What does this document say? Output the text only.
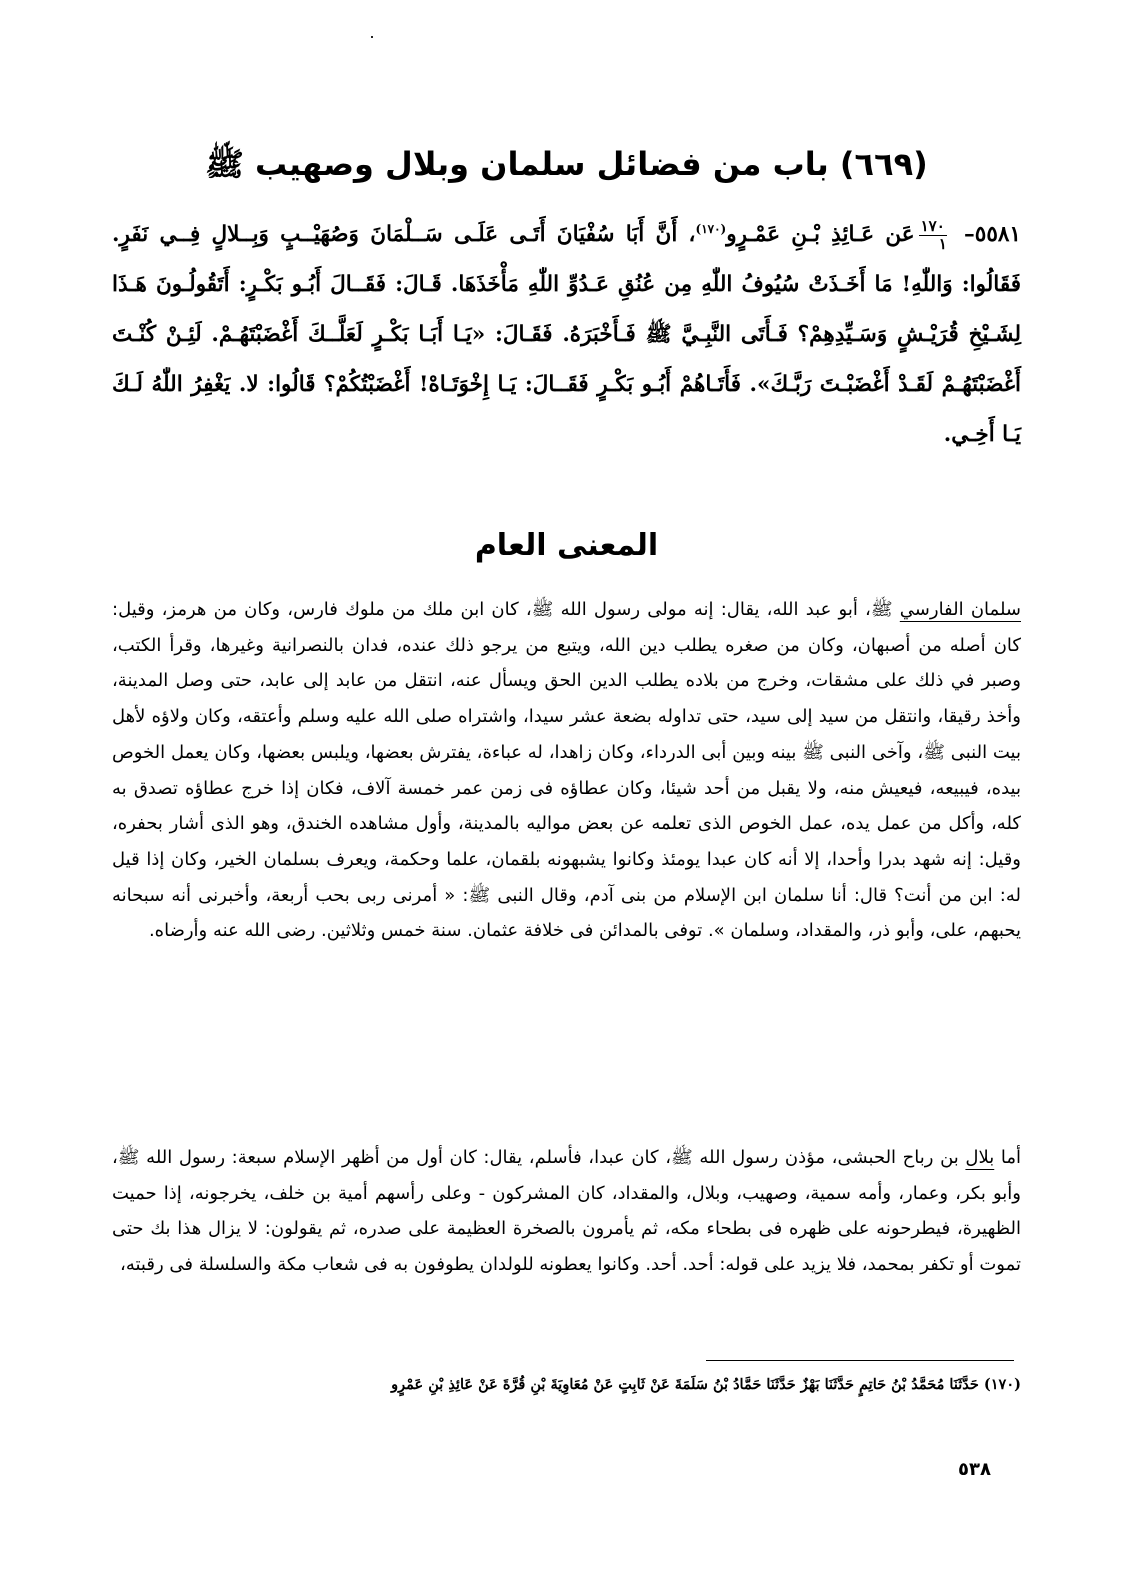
(٦٦٩) باب من فضائل سلمان وبلال وصهيب ﷺ
٥٥٨١–
١٧٠
١
عَن عَـائِذِ بْـنِ عَمْـرٍو$^{(١٧٠)}$، أَنَّ أَبَا سُفْيَانَ أَتَـى عَلَـى سَــلْمَانَ وَصُهَيْــبٍ وَبِــلالٍ فِــي نَفَرٍ. فَقَالُوا: وَاللّٰهِ! مَا أَخَـذَتْ سُيُوفُ اللّٰهِ مِن عُنُقِ عَـدُوِّ اللّٰهِ مَأْخَذَهَا. قَـالَ: فَقَــالَ أَبُـو بَكْـرٍ: أَتَقُولُـونَ هَـذَا لِشَـيْخِ قُرَيْـشٍ وَسَـيِّدِهِمْ؟ فَـأَتَى النَّبِـيَّ ﷺ فَـأَخْبَرَهُ. فَقَـالَ: «يَـا أَبَـا بَكْـرٍ لَعَلَّــكَ أَغْضَبْتَهُـمْ. لَئِـنْ كُنْـتَ أَغْضَبْتَهُـمْ لَقَـدْ أَغْضَبْـتَ رَبَّـكَ». فَأَتَـاهُمْ أَبُـو بَكْـرٍ فَقَــالَ: يَـا إِخْوَتَـاهْ! أَغْضَبْتُكُمْ؟ قَالُوا: لا. يَغْفِرُ اللّٰهُ لَـكَ يَـا أَخِـي.
المعنى العام

سلمان الفارسي ﷺ، أبو عبد الله، يقال: إنه مولى رسول الله ﷺ، كان ابن ملك من ملوك فارس، وكان من هرمز، وقيل: كان أصله من أصبهان، وكان من صغره يطلب دين الله، ويتبع من يرجو ذلك عنده، فدان بالنصرانية وغيرها، وقرأ الكتب، وصبر في ذلك على مشقات، وخرج من بلاده يطلب الدين الحق ويسأل عنه، انتقل من عابد إلى عابد، حتى وصل المدينة، وأخذ رقيقا، وانتقل من سيد إلى سيد، حتى تداوله بضعة عشر سيدا، واشتراه صلى الله عليه وسلم وأعتقه، وكان ولاؤه لأهل بيت النبى ﷺ، وآخى النبى ﷺ بينه وبين أبى الدرداء، وكان زاهدا، له عباءة، يفترش بعضها، ويلبس بعضها، وكان يعمل الخوص بيده، فيبيعه، فيعيش منه، ولا يقبل من أحد شيئا، وكان عطاؤه فى زمن عمر خمسة آلاف، فكان إذا خرج عطاؤه تصدق به كله، وأكل من عمل يده، عمل الخوص الذى تعلمه عن بعض مواليه بالمدينة، وأول مشاهده الخندق، وهو الذى أشار بحفره، وقيل: إنه شهد بدرا وأحدا، إلا أنه كان عبدا يومئذ وكانوا يشبهونه بلقمان، علما وحكمة، ويعرف بسلمان الخير، وكان إذا قيل له: ابن من أنت؟ قال: أنا سلمان ابن الإسلام من بنى آدم، وقال النبى ﷺ: « أمرنى ربى بحب أربعة، وأخبرنى أنه سبحانه يحبهم، على، وأبو ذر، والمقداد، وسلمان ». توفى بالمدائن فى خلافة عثمان. سنة خمس وثلاثين. رضى الله عنه وأرضاه.

أما بلال بن رباح الحبشى، مؤذن رسول الله ﷺ، كان عبدا، فأسلم، يقال: كان أول من أظهر الإسلام سبعة: رسول الله ﷺ، وأبو بكر، وعمار، وأمه سمية، وصهيب، وبلال، والمقداد، كان المشركون - وعلى رأسهم أمية بن خلف، يخرجونه، إذا حميت الظهيرة، فيطرحونه على ظهره فى بطحاء مكه، ثم يأمرون بالصخرة العظيمة على صدره، ثم يقولون: لا يزال هذا بك حتى تموت أو تكفر بمحمد، فلا يزيد على قوله: أحد. أحد. وكانوا يعطونه للولدان يطوفون به فى شعاب مكة والسلسلة فى رقبته،

(١٧٠) حَدَّثَنَا مُحَمَّدُ بْنُ حَاتِمٍ حَدَّثَنَا بَهْزٌ حَدَّثَنَا حَمَّادُ بْنُ سَلَمَةَ عَنْ ثَابِتٍ عَنْ مُعَاوِيَةَ بْنِ قُرَّةَ عَنْ عَائِذِ بْنِ عَمْرٍو
٥٣٨
